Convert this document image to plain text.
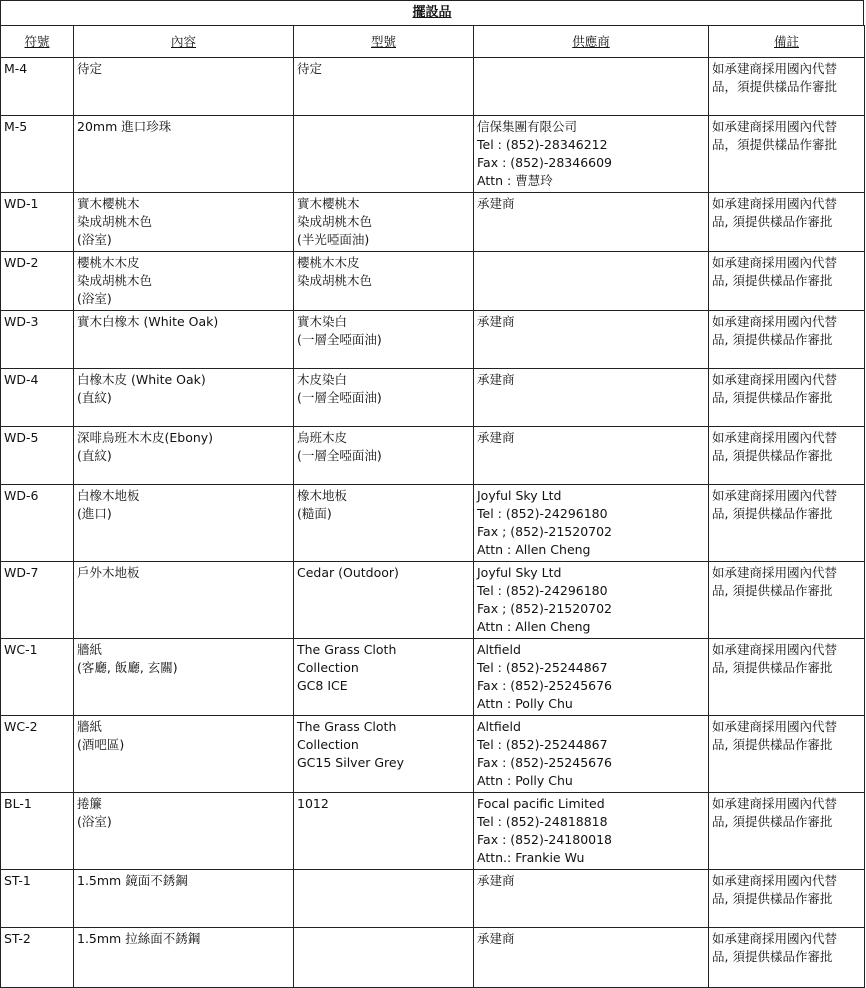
擺設品
符號	內容	型號	供應商	備註

M-4	待定	待定		如承建商採用國內代替
品，須提供樣品作審批

M-5	20mm 進口珍珠		信保集團有限公司
Tel : (852)-28346212
Fax : (852)-28346609
Attn : 曹慧玲	如承建商採用國內代替
品，須提供樣品作審批

WD-1	實木櫻桃木
染成胡桃木色
(浴室)	實木櫻桃木
染成胡桃木色
(半光啞面油)	承建商	如承建商採用國內代替
品, 須提供樣品作審批

WD-2	櫻桃木木皮
染成胡桃木色
(浴室)	櫻桃木木皮
染成胡桃木色		如承建商採用國內代替
品, 須提供樣品作審批

WD-3	實木白橡木 (White Oak)	實木染白
(一層全啞面油)	承建商	如承建商採用國內代替
品, 須提供樣品作審批

WD-4	白橡木皮 (White Oak)
(直紋)	木皮染白
(一層全啞面油)	承建商	如承建商採用國內代替
品, 須提供樣品作審批

WD-5	深啡烏班木木皮(Ebony)
(直紋)	烏班木皮
(一層全啞面油)	承建商	如承建商採用國內代替
品, 須提供樣品作審批

WD-6	白橡木地板
(進口)	橡木地板
(糙面)	Joyful Sky Ltd
Tel : (852)-24296180
Fax ; (852)-21520702
Attn : Allen Cheng	如承建商採用國內代替
品, 須提供樣品作審批

WD-7	戶外木地板	Cedar (Outdoor)	Joyful Sky Ltd
Tel : (852)-24296180
Fax ; (852)-21520702
Attn : Allen Cheng	如承建商採用國內代替
品, 須提供樣品作審批

WC-1	牆紙
(客廳, 飯廳, 玄關)	The Grass Cloth
Collection
GC8 ICE	Altfield
Tel : (852)-25244867
Fax : (852)-25245676
Attn : Polly Chu	如承建商採用國內代替
品, 須提供樣品作審批

WC-2	牆紙
(酒吧區)	The Grass Cloth
Collection
GC15 Silver Grey	Altfield
Tel : (852)-25244867
Fax : (852)-25245676
Attn : Polly Chu	如承建商採用國內代替
品, 須提供樣品作審批

BL-1	捲簾
(浴室)	1012	Focal pacific Limited
Tel : (852)-24818818
Fax : (852)-24180018
Attn.: Frankie Wu	如承建商採用國內代替
品, 須提供樣品作審批

ST-1	1.5mm 鏡面不銹鋼		承建商	如承建商採用國內代替
品, 須提供樣品作審批

ST-2	1.5mm 拉絲面不銹鋼		承建商	如承建商採用國內代替
品, 須提供樣品作審批
